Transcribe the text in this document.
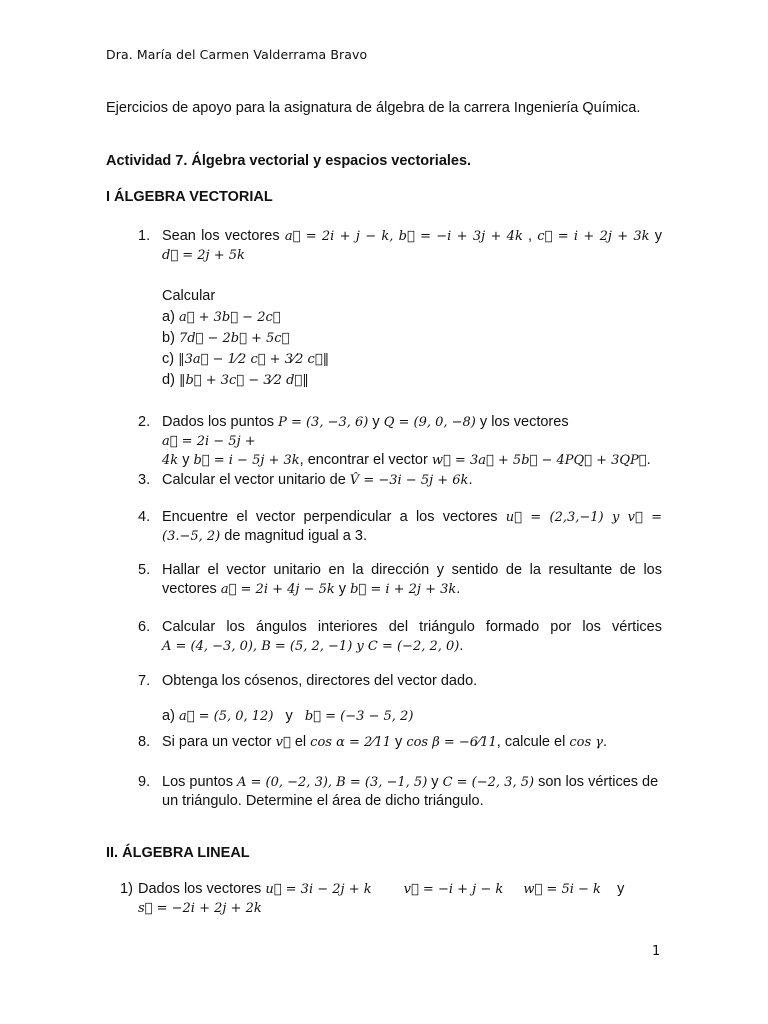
Dra. María del Carmen Valderrama Bravo
Ejercicios de apoyo para la asignatura de álgebra de la carrera Ingeniería Química.
Actividad 7. Álgebra vectorial y espacios vectoriales.
I ÁLGEBRA VECTORIAL
1. Sean los vectores a⃗ = 2i + j − k, b⃗ = −i + 3j + 4k , c⃗ = i + 2j + 3k y
d⃗ = 2j + 5k
Calcular
a) a⃗ + 3b⃗ − 2c⃗
b) 7d⃗ − 2b⃗ + 5c⃗
c) ‖3a⃗ − 1⁄2 c⃗ + 3⁄2 c⃗‖
d) ‖b⃗ + 3c⃗ − 3⁄2 d⃗‖
2. Dados los puntos P = (3, −3, 6) y Q = (9, 0, −8) y los vectores a⃗ = 2i − 5j +
4k y b⃗ = i − 5j + 3k, encontrar el vector w⃗ = 3a⃗ + 5b⃗ − 4PQ⃗ + 3QP⃗.
3. Calcular el vector unitario de V̂ = −3i − 5j + 6k.
4. Encuentre el vector perpendicular a los vectores u⃗ = (2,3,−1) y v⃗ =
(3.−5, 2) de magnitud igual a 3.
5. Hallar el vector unitario en la dirección y sentido de la resultante de los vectores a⃗ = 2i + 4j − 5k y b⃗ = i + 2j + 3k.
6. Calcular los ángulos interiores del triángulo formado por los vértices A = (4, −3, 0), B = (5, 2, −1) y C = (−2, 2, 0).
7. Obtenga los cósenos, directores del vector dado.
a) a⃗ = (5, 0, 12) y b⃗ = (−3 − 5, 2)
8. Si para un vector v⃗ el cos α = 2⁄11 y cos β = −6⁄11, calcule el cos γ.
9. Los puntos A = (0, −2, 3), B = (3, −1, 5) y C = (−2, 3, 5) son los vértices de un triángulo. Determine el área de dicho triángulo.
II. ÁLGEBRA LINEAL
1) Dados los vectores u⃗ = 3i − 2j + k v⃗ = −i + j − k w⃗ = 5i − k y
s⃗ = −2i + 2j + 2k
1
